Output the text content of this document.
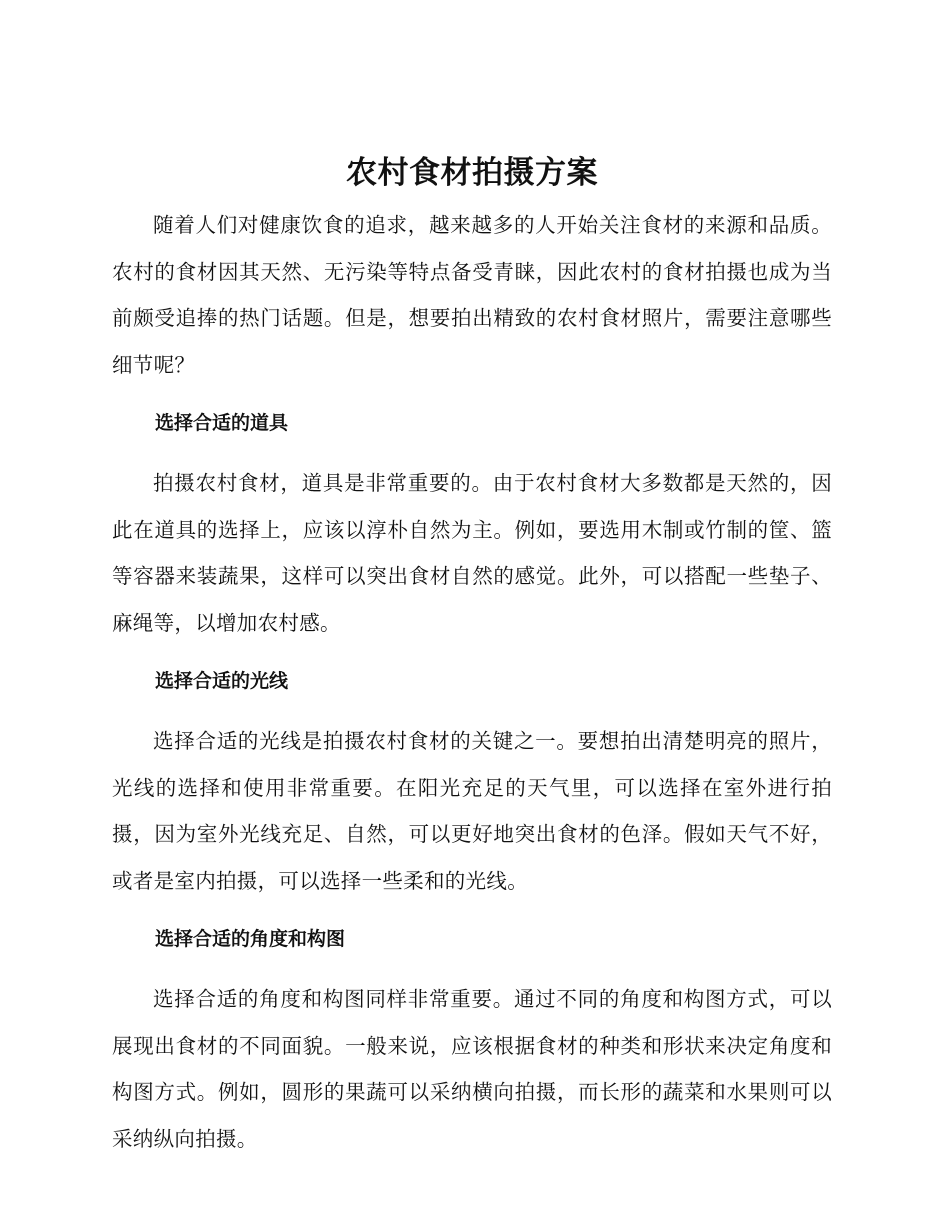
农村食材拍摄方案

随着人们对健康饮食的追求，越来越多的人开始关注食材的来源和品质。农村的食材因其天然、无污染等特点备受青睐，因此农村的食材拍摄也成为当前颇受追捧的热门话题。但是，想要拍出精致的农村食材照片，需要注意哪些细节呢？

选择合适的道具

拍摄农村食材，道具是非常重要的。由于农村食材大多数都是天然的，因此在道具的选择上，应该以淳朴自然为主。例如，要选用木制或竹制的筐、篮等容器来装蔬果，这样可以突出食材自然的感觉。此外，可以搭配一些垫子、麻绳等，以增加农村感。

选择合适的光线

选择合适的光线是拍摄农村食材的关键之一。要想拍出清楚明亮的照片，光线的选择和使用非常重要。在阳光充足的天气里，可以选择在室外进行拍摄，因为室外光线充足、自然，可以更好地突出食材的色泽。假如天气不好，或者是室内拍摄，可以选择一些柔和的光线。

选择合适的角度和构图

选择合适的角度和构图同样非常重要。通过不同的角度和构图方式，可以展现出食材的不同面貌。一般来说，应该根据食材的种类和形状来决定角度和构图方式。例如，圆形的果蔬可以采纳横向拍摄，而长形的蔬菜和水果则可以采纳纵向拍摄。
